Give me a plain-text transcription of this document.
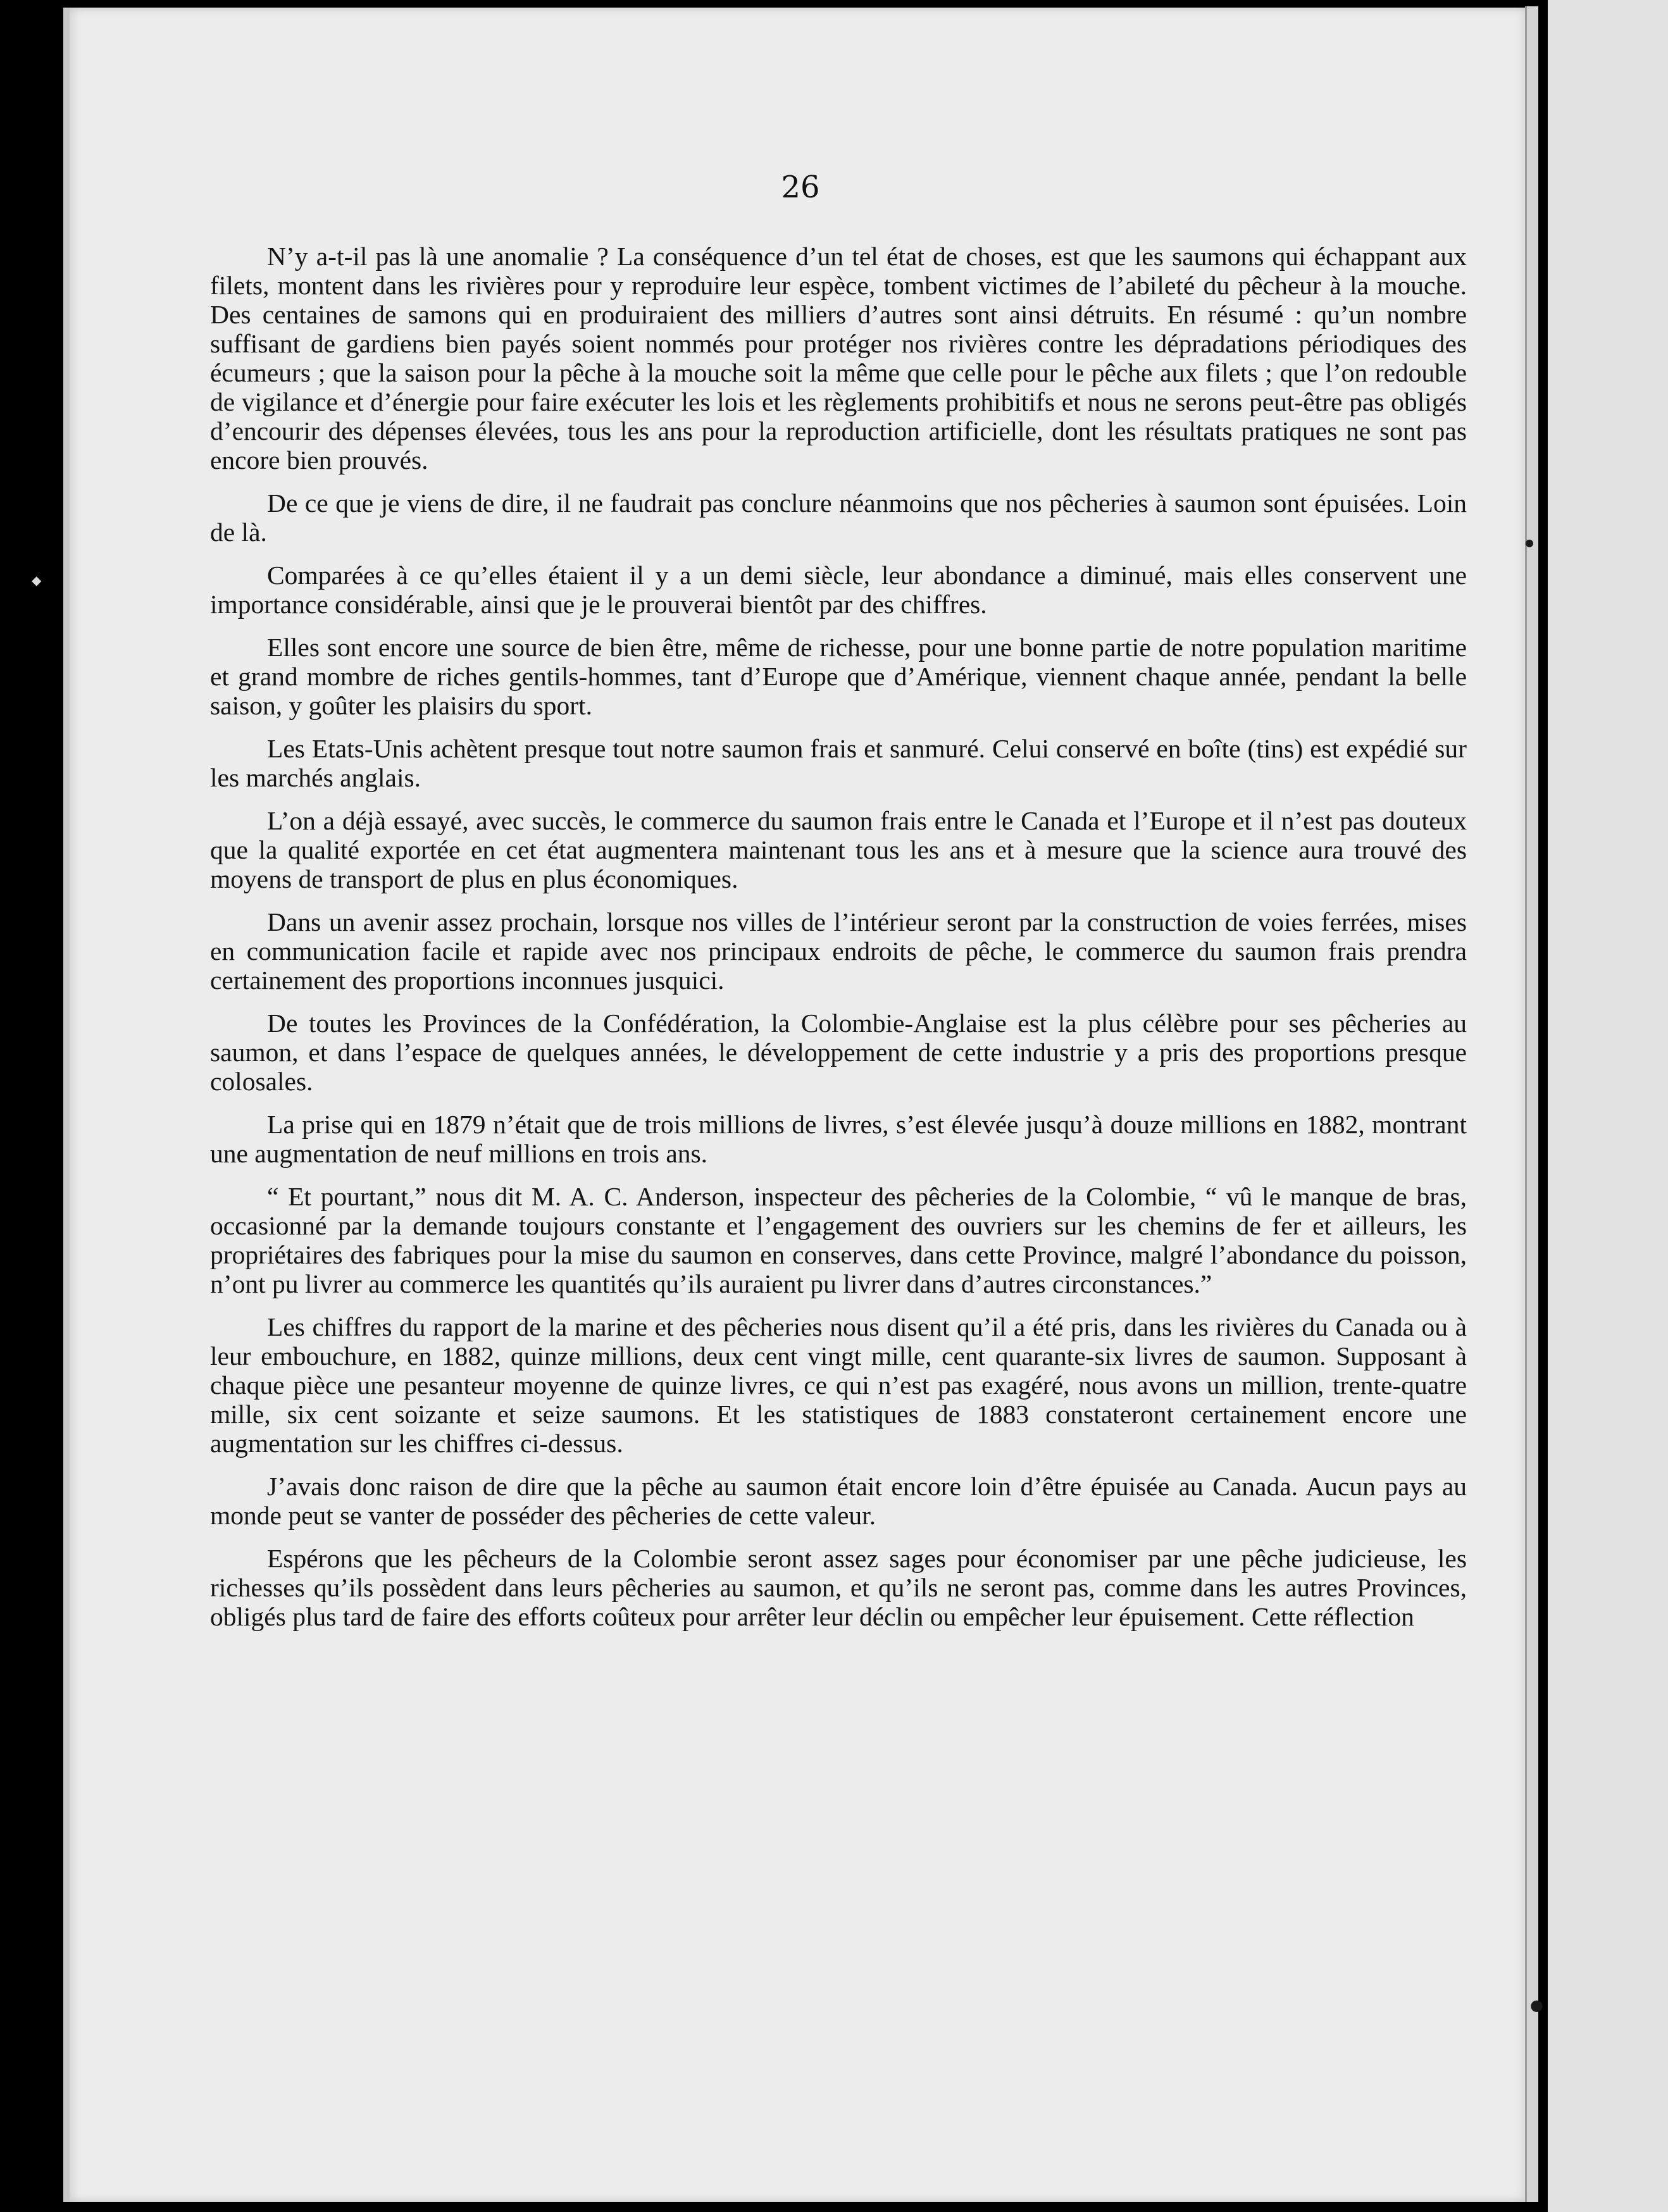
26

N’y a-t-il pas là une anomalie ? La conséquence d’un tel état de choses, est que les saumons qui échappant aux filets, montent dans les rivières pour y reproduire leur espèce, tombent victimes de l’abileté du pêcheur à la mouche. Des centaines de samons qui en produiraient des milliers d’autres sont ainsi détruits. En résumé : qu’un nombre suffisant de gardiens bien payés soient nommés pour protéger nos rivières contre les dépradations périodiques des écumeurs ; que la saison pour la pêche à la mouche soit la même que celle pour le pêche aux filets ; que l’on redouble de vigilance et d’énergie pour faire exécuter les lois et les règlements prohibitifs et nous ne serons peut-être pas obligés d’encourir des dépenses élevées, tous les ans pour la reproduction artificielle, dont les résultats pratiques ne sont pas encore bien prouvés.

De ce que je viens de dire, il ne faudrait pas conclure néanmoins que nos pêcheries à saumon sont épuisées. Loin de là.

Comparées à ce qu’elles étaient il y a un demi siècle, leur abondance a diminué, mais elles conservent une importance considérable, ainsi que je le prouverai bientôt par des chiffres.

Elles sont encore une source de bien être, même de richesse, pour une bonne partie de notre population maritime et grand mombre de riches gentils-hommes, tant d’Europe que d’Amérique, viennent chaque année, pendant la belle saison, y goûter les plaisirs du sport.

Les Etats-Unis achètent presque tout notre saumon frais et sanmuré. Celui conservé en boîte (tins) est expédié sur les marchés anglais.

L’on a déjà essayé, avec succès, le commerce du saumon frais entre le Canada et l’Europe et il n’est pas douteux que la qualité exportée en cet état augmentera maintenant tous les ans et à mesure que la science aura trouvé des moyens de transport de plus en plus économiques.

Dans un avenir assez prochain, lorsque nos villes de l’intérieur seront par la construction de voies ferrées, mises en communication facile et rapide avec nos principaux endroits de pêche, le commerce du saumon frais prendra certainement des proportions inconnues jusquici.

De toutes les Provinces de la Confédération, la Colombie-Anglaise est la plus célèbre pour ses pêcheries au saumon, et dans l’espace de quelques années, le développement de cette industrie y a pris des proportions presque colosales.

La prise qui en 1879 n’était que de trois millions de livres, s’est élevée jusqu’à douze millions en 1882, montrant une augmentation de neuf millions en trois ans.

“ Et pourtant,” nous dit M. A. C. Anderson, inspecteur des pêcheries de la Colombie, “ vû le manque de bras, occasionné par la demande toujours constante et l’engagement des ouvriers sur les chemins de fer et ailleurs, les propriétaires des fabriques pour la mise du saumon en conserves, dans cette Province, malgré l’abondance du poisson, n’ont pu livrer au commerce les quantités qu’ils auraient pu livrer dans d’autres circonstances.”

Les chiffres du rapport de la marine et des pêcheries nous disent qu’il a été pris, dans les rivières du Canada ou à leur embouchure, en 1882, quinze millions, deux cent vingt mille, cent quarante-six livres de saumon. Supposant à chaque pièce une pesanteur moyenne de quinze livres, ce qui n’est pas exagéré, nous avons un million, trente-quatre mille, six cent soizante et seize saumons. Et les statistiques de 1883 constateront certainement encore une augmentation sur les chiffres ci-dessus.

J’avais donc raison de dire que la pêche au saumon était encore loin d’être épuisée au Canada. Aucun pays au monde peut se vanter de posséder des pêcheries de cette valeur.

Espérons que les pêcheurs de la Colombie seront assez sages pour économiser par une pêche judicieuse, les richesses qu’ils possèdent dans leurs pêcheries au saumon, et qu’ils ne seront pas, comme dans les autres Provinces, obligés plus tard de faire des efforts coûteux pour arrêter leur déclin ou empêcher leur épuisement. Cette réflection

◆
●
●
